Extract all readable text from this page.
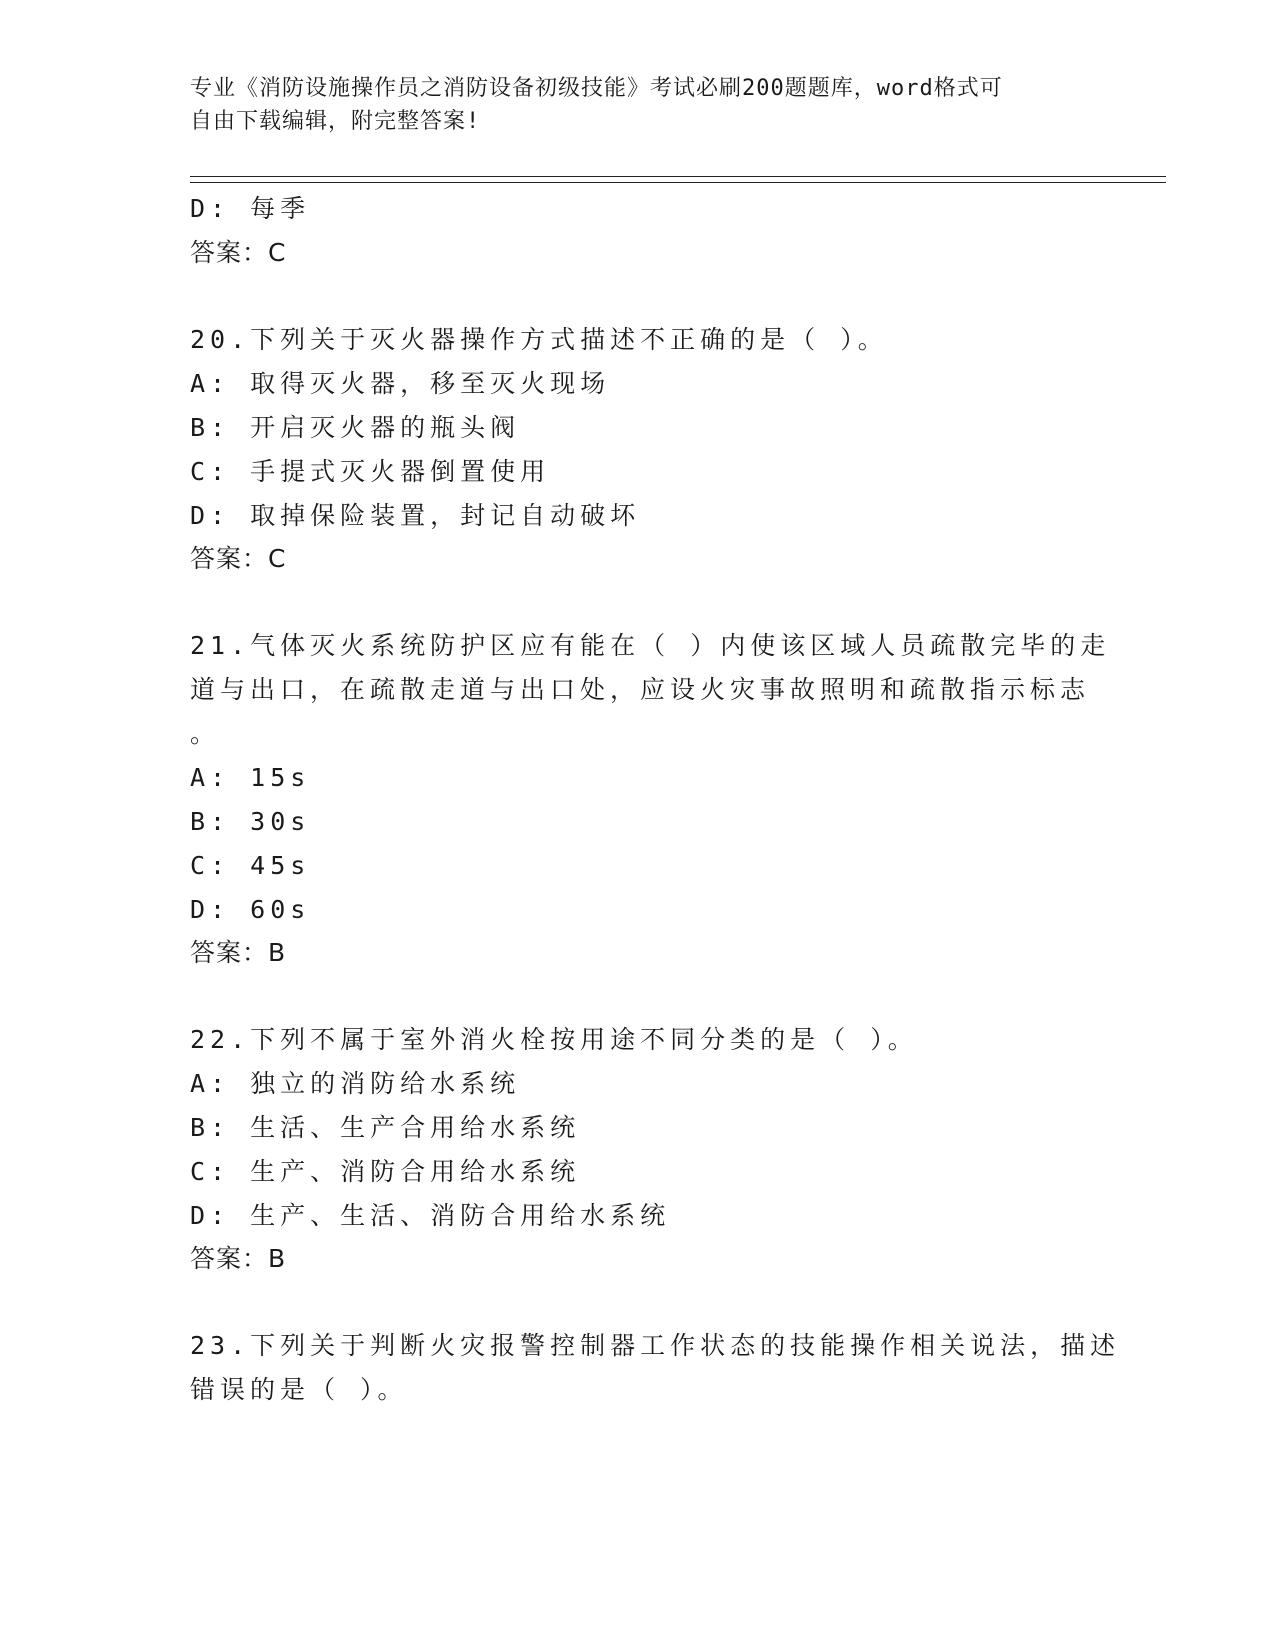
专业《消防设施操作员之消防设备初级技能》考试必刷200题题库，word格式可
自由下载编辑，附完整答案!
D: 每季
答案：C
20.下列关于灭火器操作方式描述不正确的是（ ）。
A: 取得灭火器，移至灭火现场
B: 开启灭火器的瓶头阀
C: 手提式灭火器倒置使用
D: 取掉保险装置，封记自动破坏
答案：C
21.气体灭火系统防护区应有能在（ ）内使该区域人员疏散完毕的走
道与出口，在疏散走道与出口处，应设火灾事故照明和疏散指示标志
。
A: 15s
B: 30s
C: 45s
D: 60s
答案：B
22.下列不属于室外消火栓按用途不同分类的是（ ）。
A: 独立的消防给水系统
B: 生活、生产合用给水系统
C: 生产、消防合用给水系统
D: 生产、生活、消防合用给水系统
答案：B
23.下列关于判断火灾报警控制器工作状态的技能操作相关说法，描述
错误的是（ ）。
